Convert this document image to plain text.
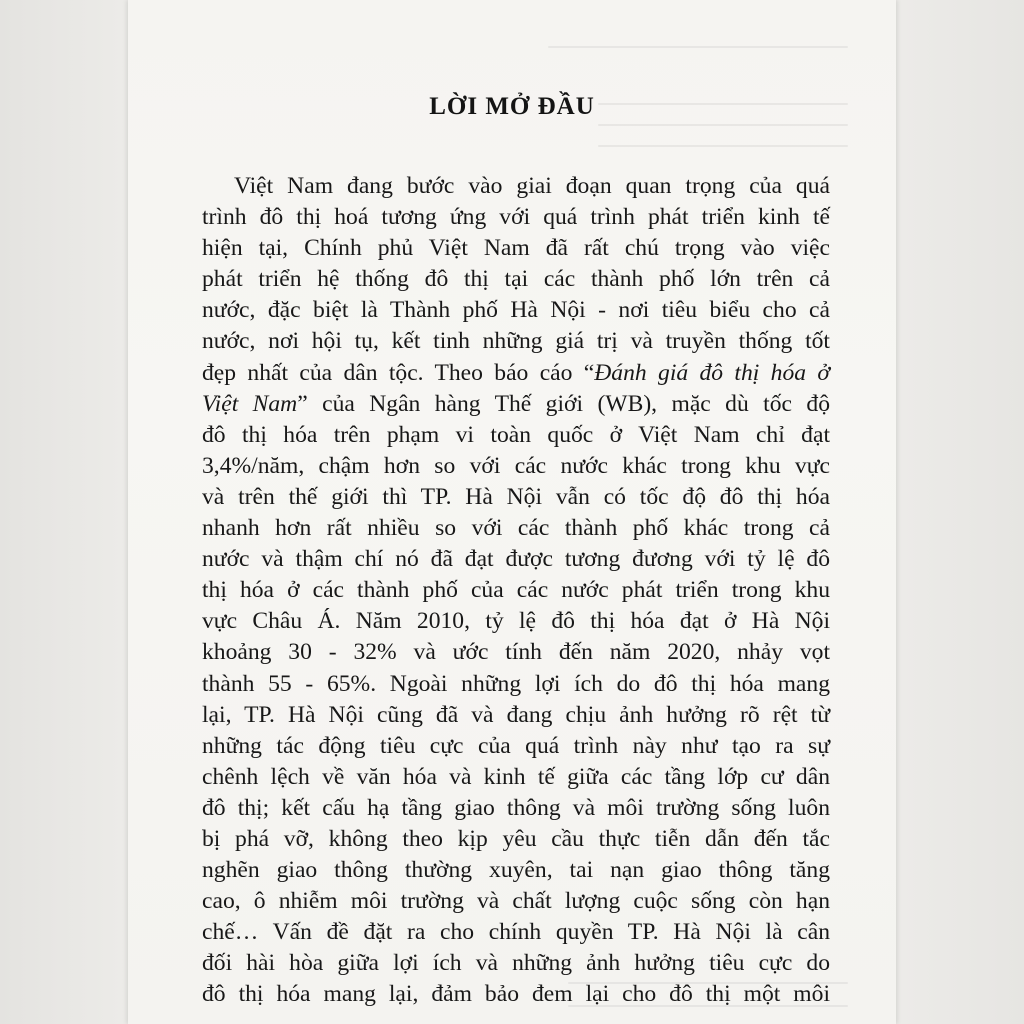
LỜI MỞ ĐẦU
Việt Nam đang bước vào giai đoạn quan trọng của quá
trình đô thị hoá tương ứng với quá trình phát triển kinh tế
hiện tại, Chính phủ Việt Nam đã rất chú trọng vào việc
phát triển hệ thống đô thị tại các thành phố lớn trên cả
nước, đặc biệt là Thành phố Hà Nội - nơi tiêu biểu cho cả
nước, nơi hội tụ, kết tinh những giá trị và truyền thống tốt
đẹp nhất của dân tộc. Theo báo cáo “Đánh giá đô thị hóa ở
Việt Nam” của Ngân hàng Thế giới (WB), mặc dù tốc độ
đô thị hóa trên phạm vi toàn quốc ở Việt Nam chỉ đạt
3,4%/năm, chậm hơn so với các nước khác trong khu vực
và trên thế giới thì TP. Hà Nội vẫn có tốc độ đô thị hóa
nhanh hơn rất nhiều so với các thành phố khác trong cả
nước và thậm chí nó đã đạt được tương đương với tỷ lệ đô
thị hóa ở các thành phố của các nước phát triển trong khu
vực Châu Á. Năm 2010, tỷ lệ đô thị hóa đạt ở Hà Nội
khoảng 30 - 32% và ước tính đến năm 2020, nhảy vọt
thành 55 - 65%. Ngoài những lợi ích do đô thị hóa mang
lại, TP. Hà Nội cũng đã và đang chịu ảnh hưởng rõ rệt từ
những tác động tiêu cực của quá trình này như tạo ra sự
chênh lệch về văn hóa và kinh tế giữa các tầng lớp cư dân
đô thị; kết cấu hạ tầng giao thông và môi trường sống luôn
bị phá vỡ, không theo kịp yêu cầu thực tiễn dẫn đến tắc
nghẽn giao thông thường xuyên, tai nạn giao thông tăng
cao, ô nhiễm môi trường và chất lượng cuộc sống còn hạn
chế… Vấn đề đặt ra cho chính quyền TP. Hà Nội là cân
đối hài hòa giữa lợi ích và những ảnh hưởng tiêu cực do
đô thị hóa mang lại, đảm bảo đem lại cho đô thị một môi
